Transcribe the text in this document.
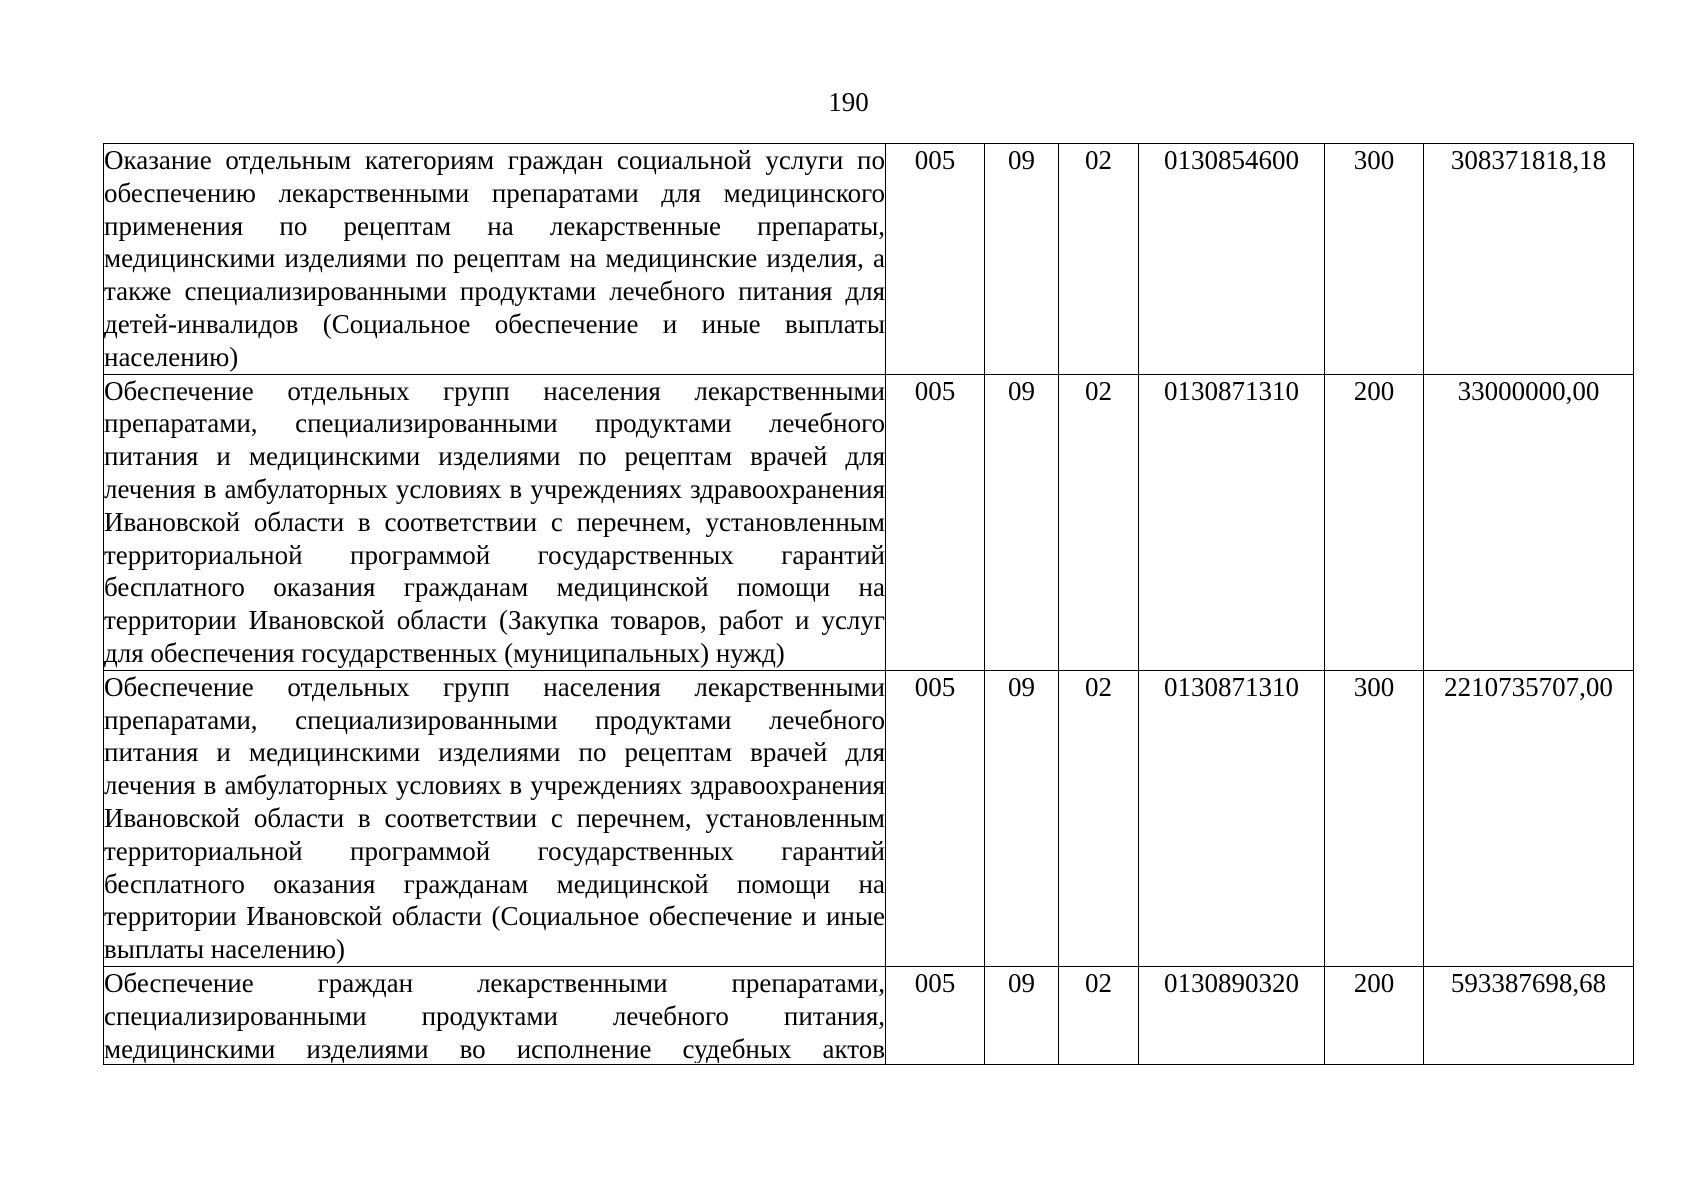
190
Оказание отдельным категориям граждан социальной услуги по обеспечению лекарственными препаратами для медицинского применения по рецептам на лекарственные препараты, медицинскими изделиями по рецептам на медицинские изделия, а также специализированными продуктами лечебного питания для детей-инвалидов (Социальное обеспечение и иные выплаты населению)	005	09	02	0130854600	300	308371818,18

Обеспечение отдельных групп населения лекарственными препаратами, специализированными продуктами лечебного питания и медицинскими изделиями по рецептам врачей для лечения в амбулаторных условиях в учреждениях здравоохранения Ивановской области в соответствии с перечнем, установленным территориальной программой государственных гарантий бесплатного оказания гражданам медицинской помощи на территории Ивановской области (Закупка товаров, работ и услуг для обеспечения государственных (муниципальных) нужд)	005	09	02	0130871310	200	33000000,00

Обеспечение отдельных групп населения лекарственными препаратами, специализированными продуктами лечебного питания и медицинскими изделиями по рецептам врачей для лечения в амбулаторных условиях в учреждениях здравоохранения Ивановской области в соответствии с перечнем, установленным территориальной программой государственных гарантий бесплатного оказания гражданам медицинской помощи на территории Ивановской области (Социальное обеспечение и иные выплаты населению)	005	09	02	0130871310	300	2210735707,00

Обеспечение граждан лекарственными препаратами, специализированными продуктами лечебного питания, медицинскими изделиями во исполнение судебных актов	005	09	02	0130890320	200	593387698,68
